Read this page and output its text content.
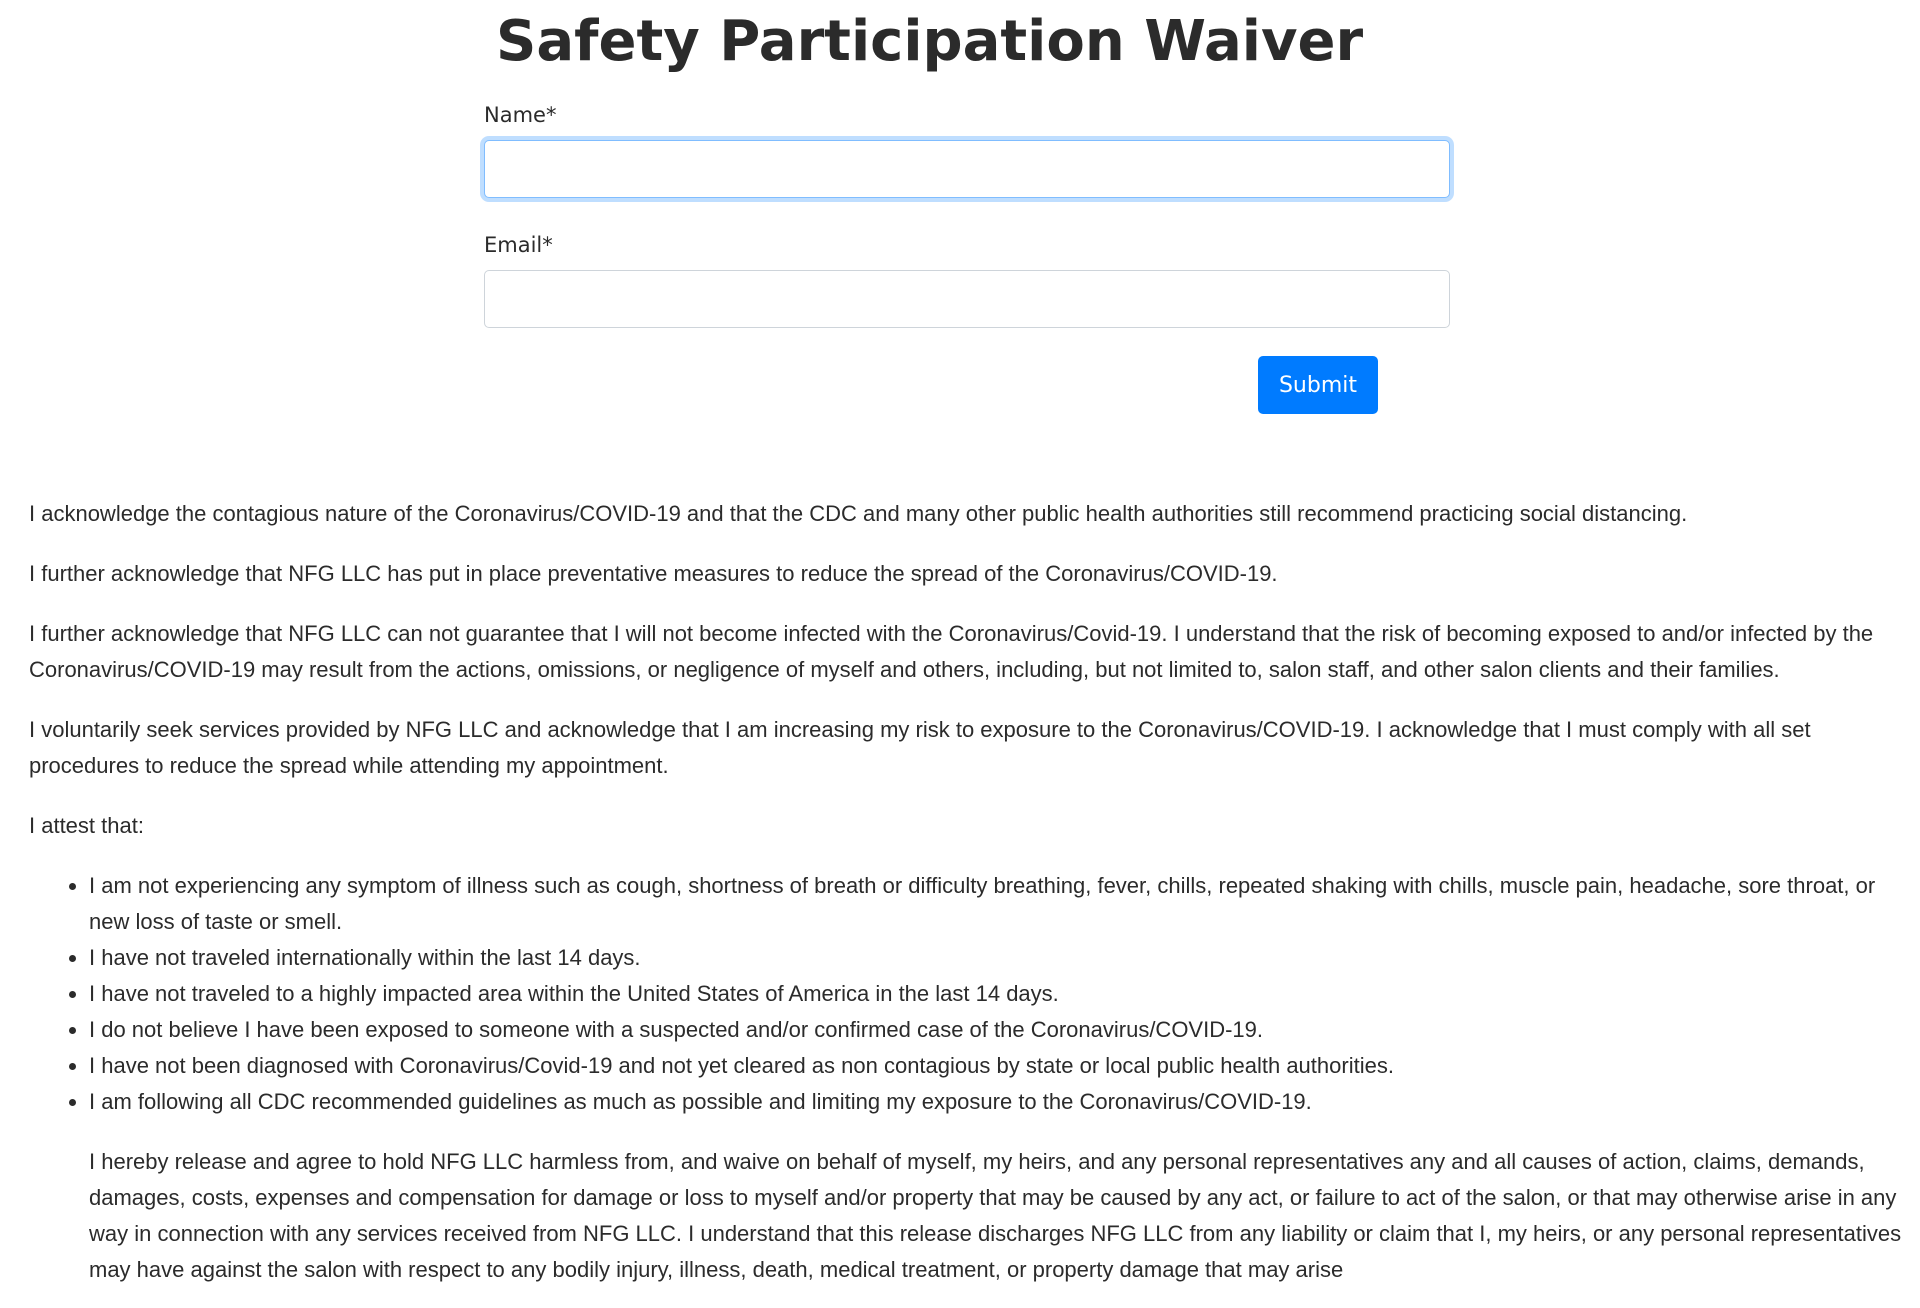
Safety Participation Waiver
Name*
Email*
Submit

I acknowledge the contagious nature of the Coronavirus/COVID-19 and that the CDC and many other public health authorities still recommend practicing social distancing.

I further acknowledge that NFG LLC has put in place preventative measures to reduce the spread of the Coronavirus/COVID-19.

I further acknowledge that NFG LLC can not guarantee that I will not become infected with the Coronavirus/Covid-19. I understand that the risk of becoming exposed to and/or infected by the Coronavirus/COVID-19 may result from the actions, omissions, or negligence of myself and others, including, but not limited to, salon staff, and other salon clients and their families.

I voluntarily seek services provided by NFG LLC and acknowledge that I am increasing my risk to exposure to the Coronavirus/COVID-19. I acknowledge that I must comply with all set procedures to reduce the spread while attending my appointment.

I attest that:

• I am not experiencing any symptom of illness such as cough, shortness of breath or difficulty breathing, fever, chills, repeated shaking with chills, muscle pain, headache, sore throat, or new loss of taste or smell.
• I have not traveled internationally within the last 14 days.
• I have not traveled to a highly impacted area within the United States of America in the last 14 days.
• I do not believe I have been exposed to someone with a suspected and/or confirmed case of the Coronavirus/COVID-19.
• I have not been diagnosed with Coronavirus/Covid-19 and not yet cleared as non contagious by state or local public health authorities.
• I am following all CDC recommended guidelines as much as possible and limiting my exposure to the Coronavirus/COVID-19.

I hereby release and agree to hold NFG LLC harmless from, and waive on behalf of myself, my heirs, and any personal representatives any and all causes of action, claims, demands, damages, costs, expenses and compensation for damage or loss to myself and/or property that may be caused by any act, or failure to act of the salon, or that may otherwise arise in any way in connection with any services received from NFG LLC. I understand that this release discharges NFG LLC from any liability or claim that I, my heirs, or any personal representatives may have against the salon with respect to any bodily injury, illness, death, medical treatment, or property damage that may arise
